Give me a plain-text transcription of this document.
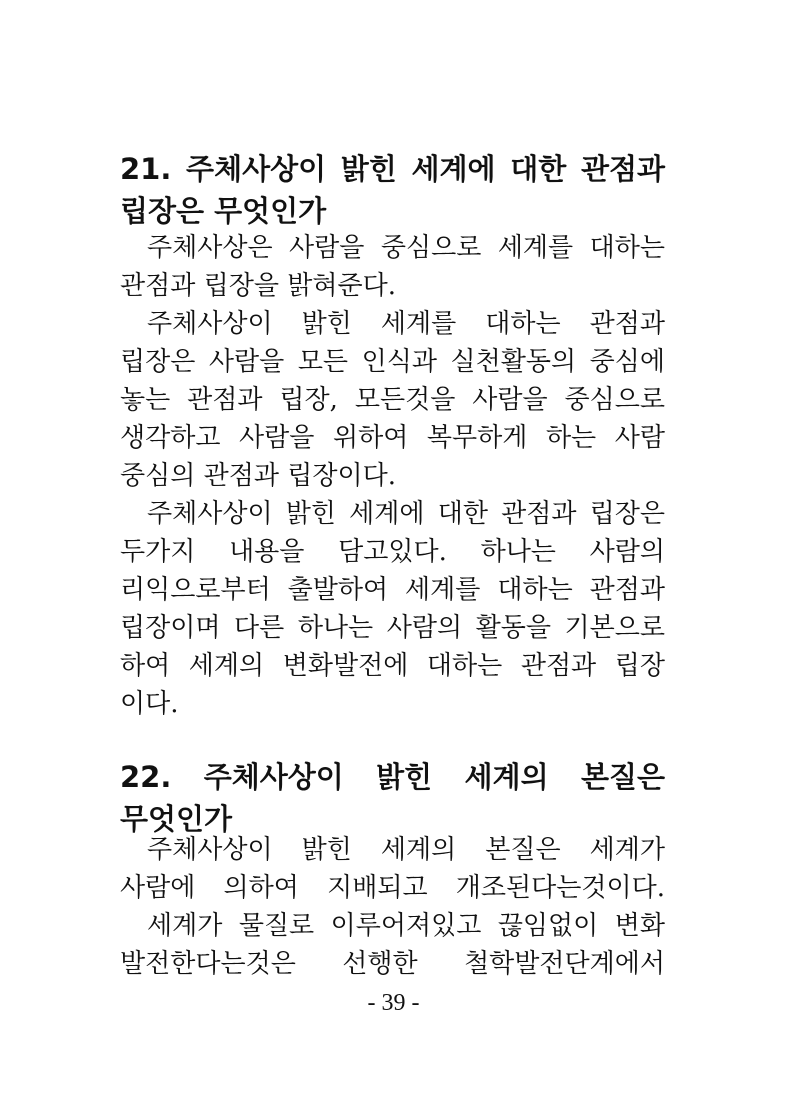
21. 주체사상이 밝힌 세계에 대한 관점과
립장은 무엇인가
주체사상은 사람을 중심으로 세계를 대하는
관점과 립장을 밝혀준다.
주체사상이 밝힌 세계를 대하는 관점과
립장은 사람을 모든 인식과 실천활동의 중심에
놓는 관점과 립장, 모든것을 사람을 중심으로
생각하고 사람을 위하여 복무하게 하는 사람
중심의 관점과 립장이다.
주체사상이 밝힌 세계에 대한 관점과 립장은
두가지 내용을 담고있다. 하나는 사람의
리익으로부터 출발하여 세계를 대하는 관점과
립장이며 다른 하나는 사람의 활동을 기본으로
하여 세계의 변화발전에 대하는 관점과 립장
이다.
22. 주체사상이 밝힌 세계의 본질은
무엇인가
주체사상이 밝힌 세계의 본질은 세계가
사람에 의하여 지배되고 개조된다는것이다.
세계가 물질로 이루어져있고 끊임없이 변화
발전한다는것은 선행한 철학발전단계에서
- 39 -
